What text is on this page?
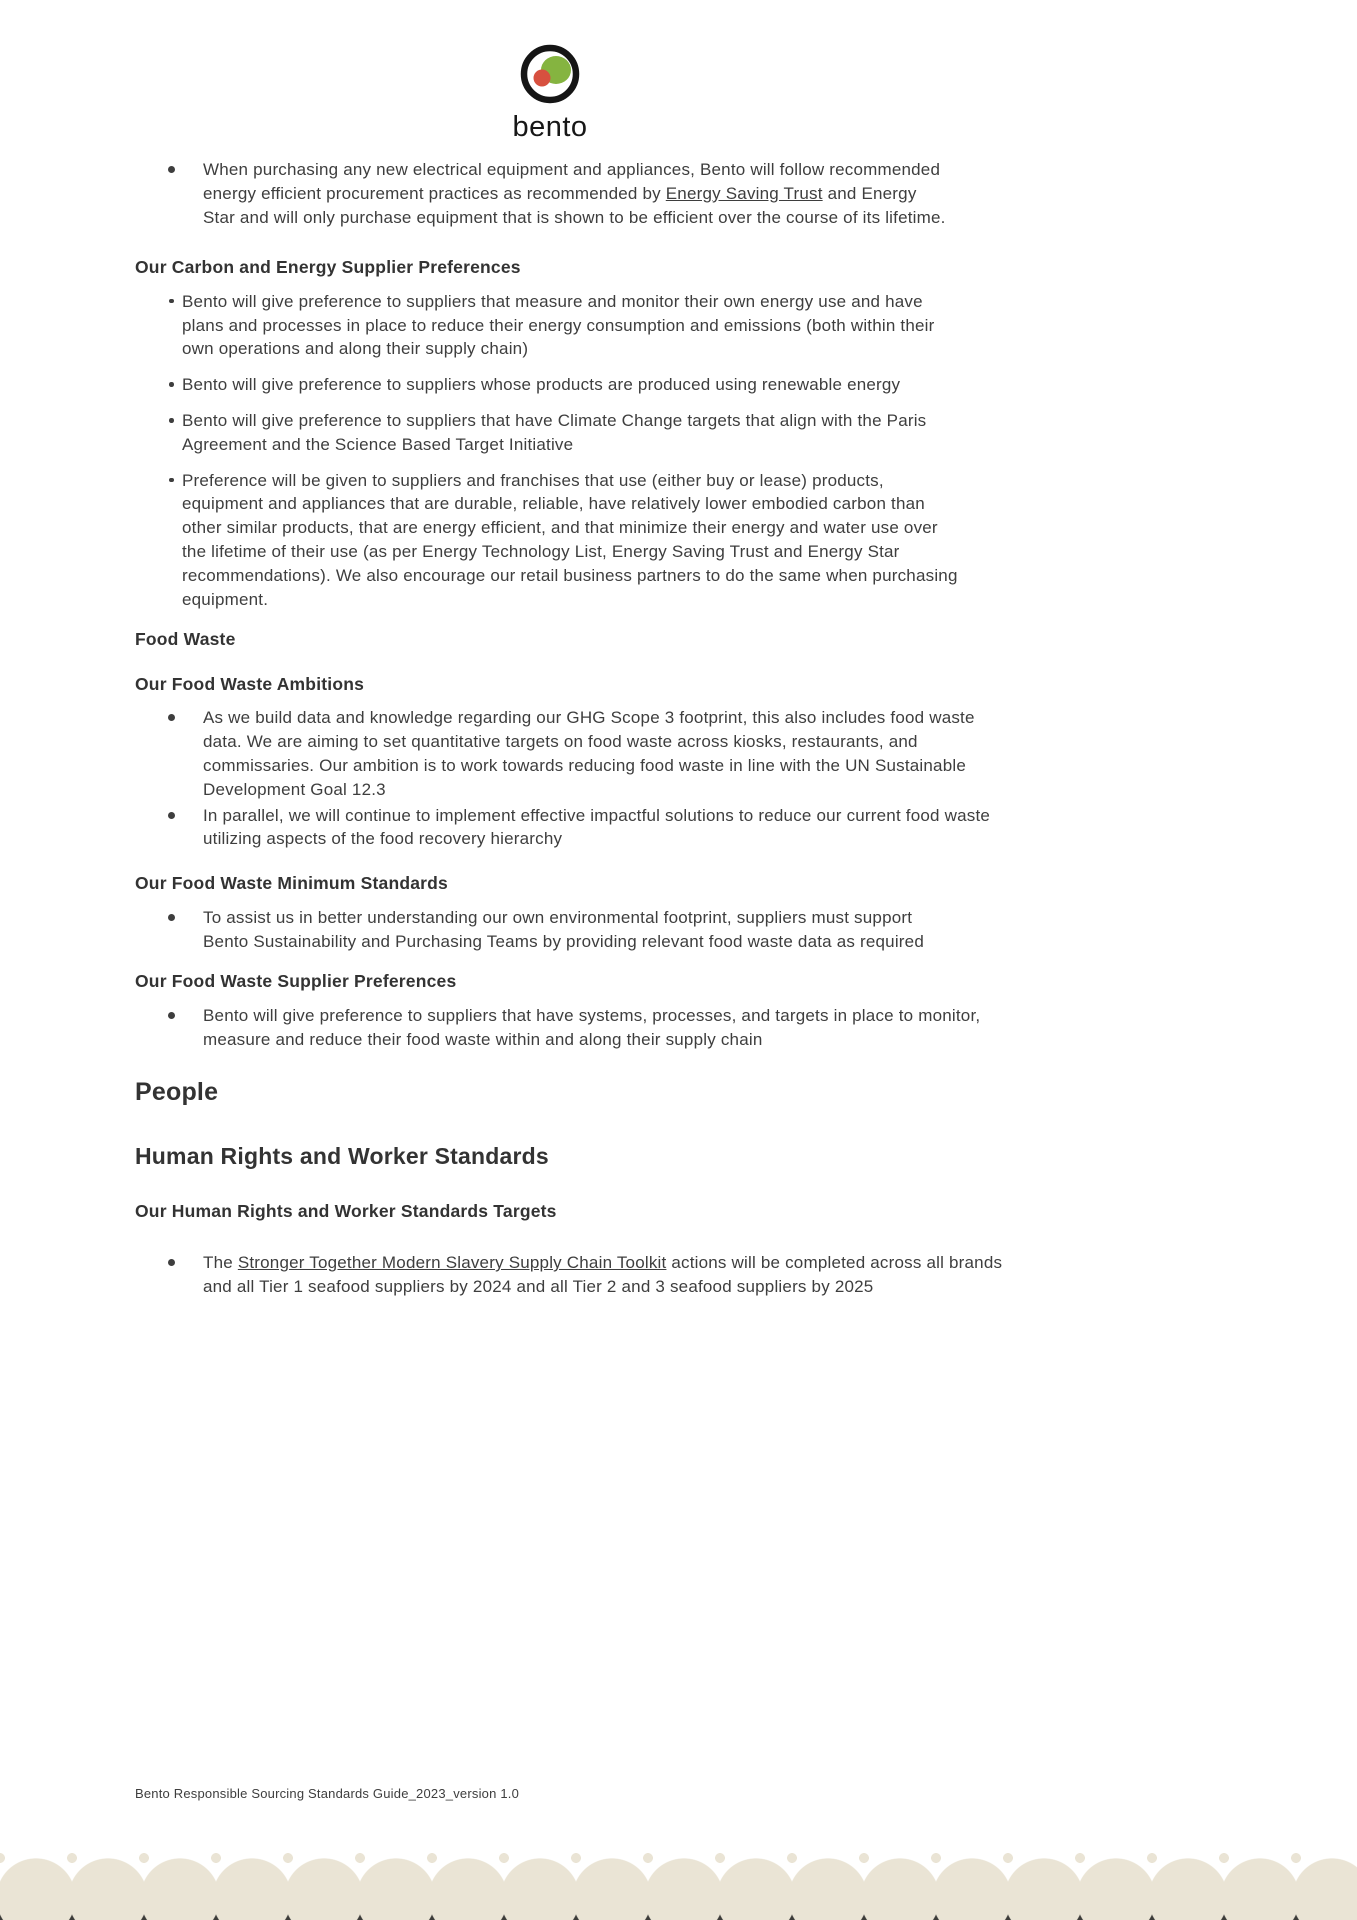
bento
When purchasing any new electrical equipment and appliances, Bento will follow recommended energy efficient procurement practices as recommended by Energy Saving Trust and Energy Star and will only purchase equipment that is shown to be efficient over the course of its lifetime.
Our Carbon and Energy Supplier Preferences
Bento will give preference to suppliers that measure and monitor their own energy use and have plans and processes in place to reduce their energy consumption and emissions (both within their own operations and along their supply chain)
Bento will give preference to suppliers whose products are produced using renewable energy
Bento will give preference to suppliers that have Climate Change targets that align with the Paris Agreement and the Science Based Target Initiative
Preference will be given to suppliers and franchises that use (either buy or lease) products, equipment and appliances that are durable, reliable, have relatively lower embodied carbon than other similar products, that are energy efficient, and that minimize their energy and water use over the lifetime of their use (as per Energy Technology List, Energy Saving Trust and Energy Star recommendations). We also encourage our retail business partners to do the same when purchasing equipment.
Food Waste
Our Food Waste Ambitions
As we build data and knowledge regarding our GHG Scope 3 footprint, this also includes food waste data. We are aiming to set quantitative targets on food waste across kiosks, restaurants, and commissaries. Our ambition is to work towards reducing food waste in line with the UN Sustainable Development Goal 12.3
In parallel, we will continue to implement effective impactful solutions to reduce our current food waste utilizing aspects of the food recovery hierarchy
Our Food Waste Minimum Standards
To assist us in better understanding our own environmental footprint, suppliers must support Bento Sustainability and Purchasing Teams by providing relevant food waste data as required
Our Food Waste Supplier Preferences
Bento will give preference to suppliers that have systems, processes, and targets in place to monitor, measure and reduce their food waste within and along their supply chain
People
Human Rights and Worker Standards
Our Human Rights and Worker Standards Targets
The Stronger Together Modern Slavery Supply Chain Toolkit actions will be completed across all brands and all Tier 1 seafood suppliers by 2024 and all Tier 2 and 3 seafood suppliers by 2025
Bento Responsible Sourcing Standards Guide_2023_version 1.0
